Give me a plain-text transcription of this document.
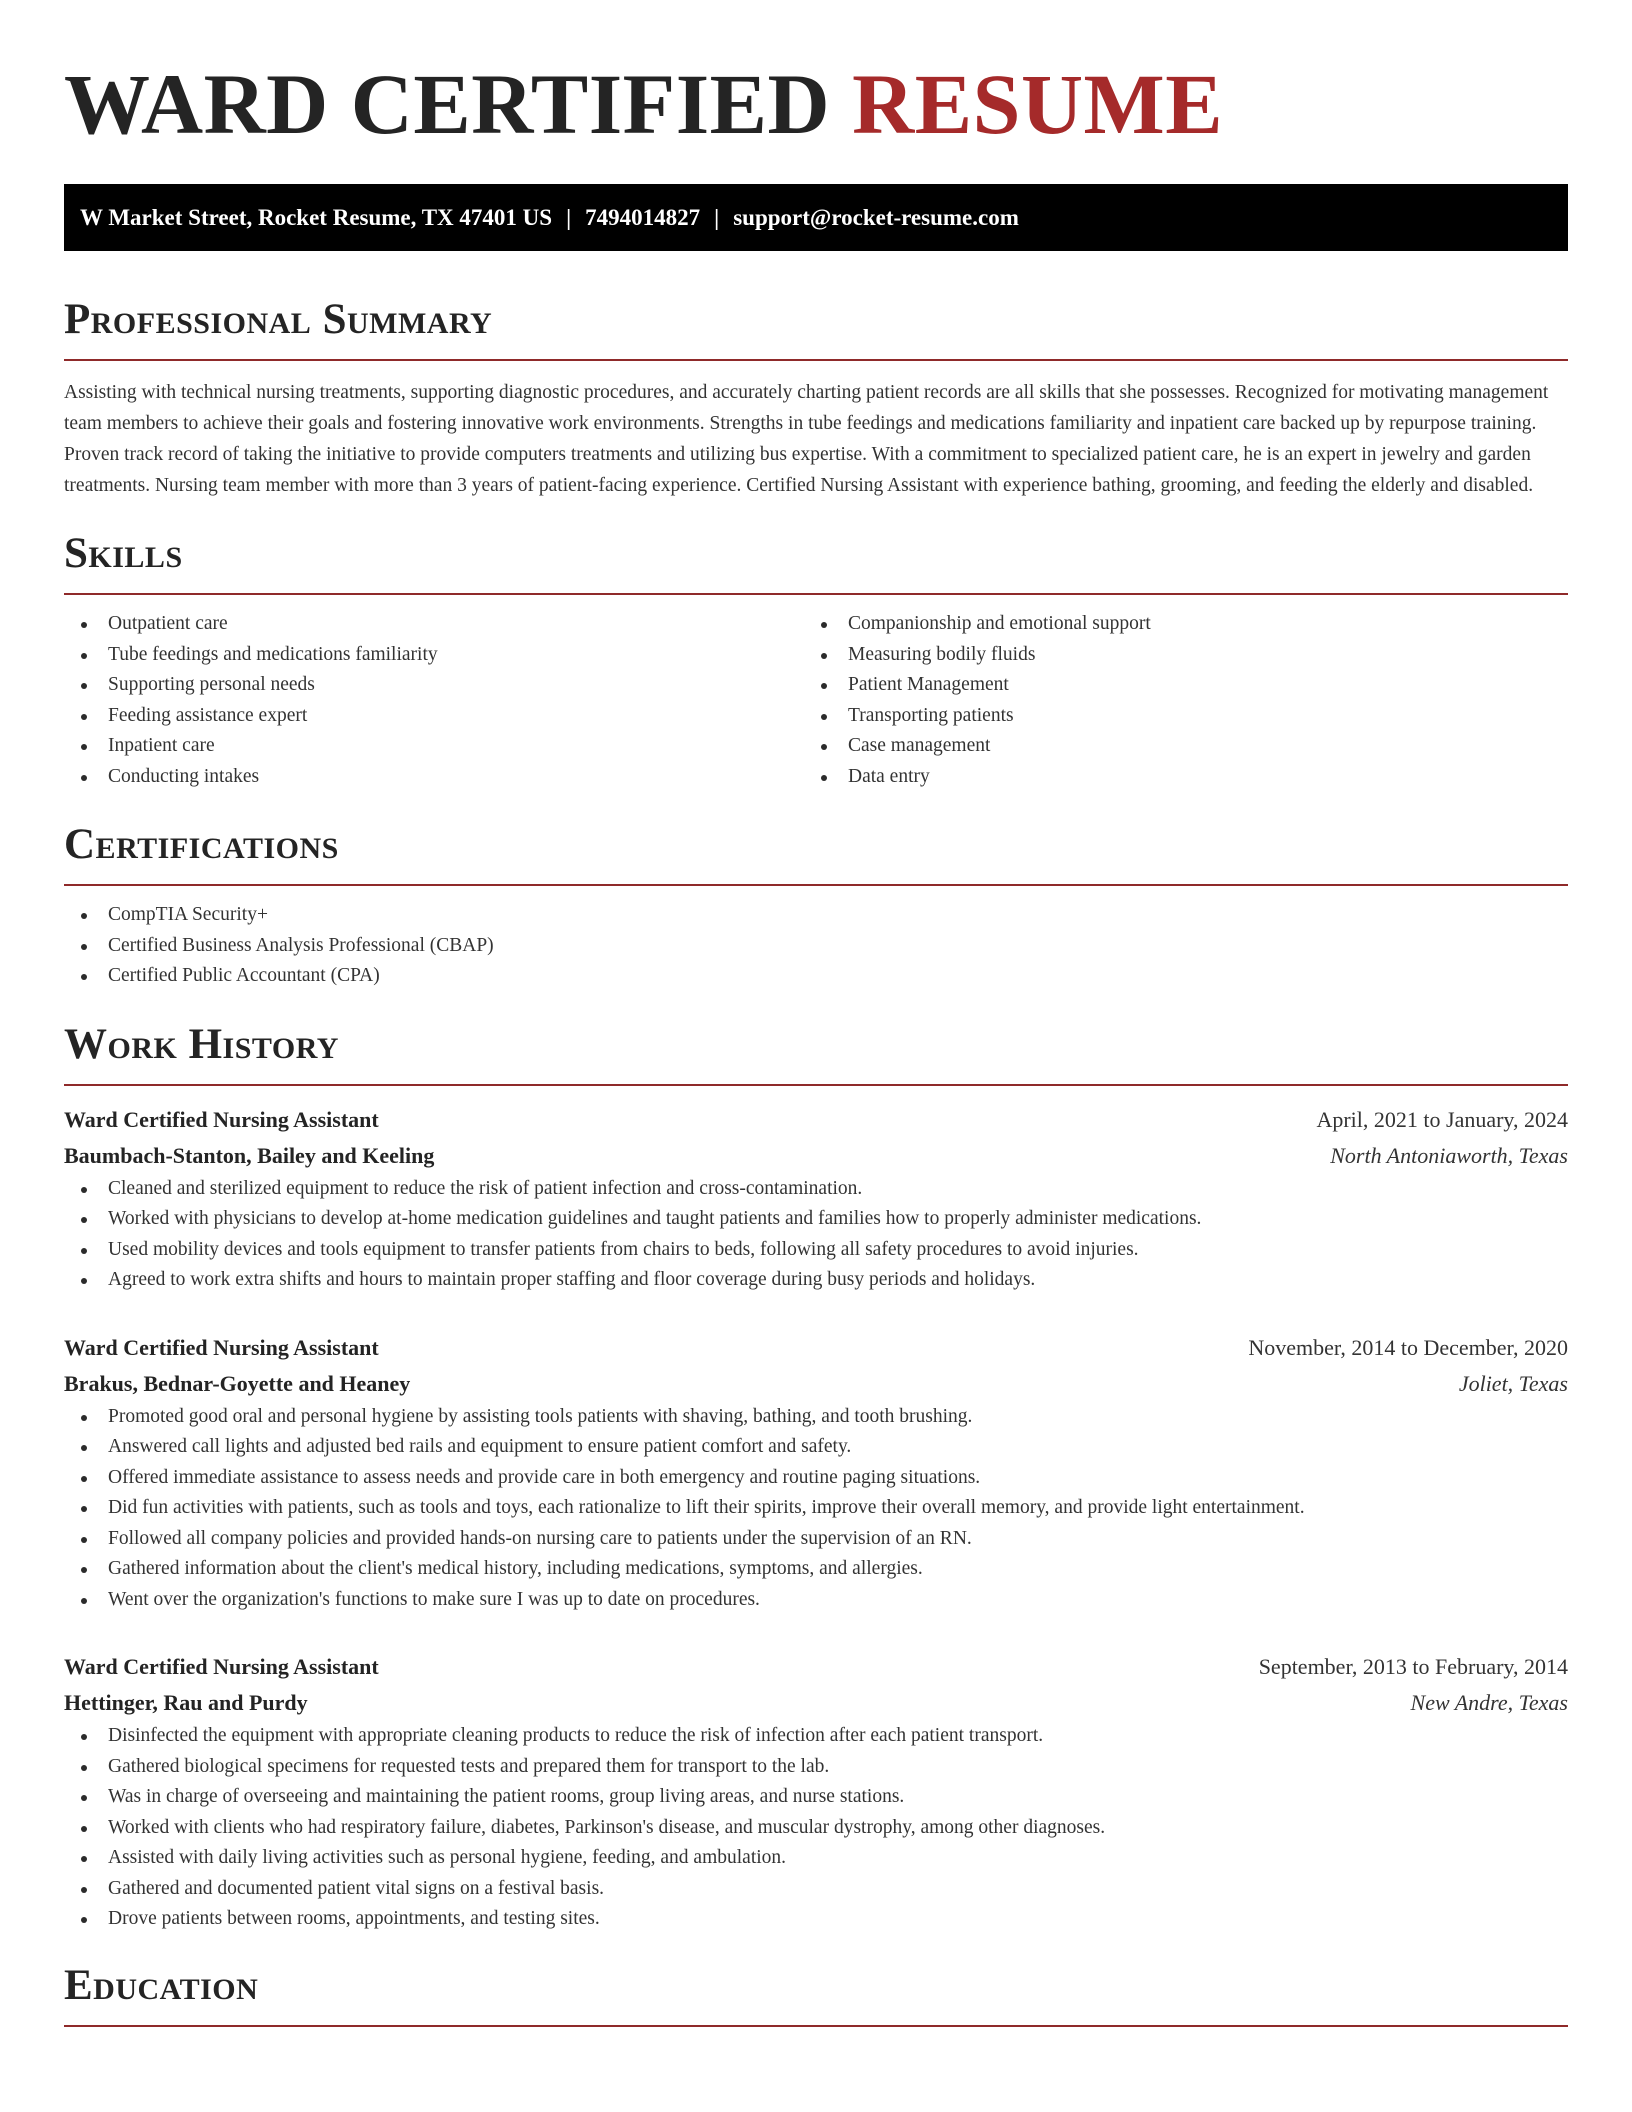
WARD CERTIFIED RESUME
W Market Street, Rocket Resume, TX 47401 US | 7494014827 | support@rocket-resume.com
Professional Summary

Assisting with technical nursing treatments, supporting diagnostic procedures, and accurately charting patient records are all skills that she possesses. Recognized for motivating management team members to achieve their goals and fostering innovative work environments. Strengths in tube feedings and medications familiarity and inpatient care backed up by repurpose training. Proven track record of taking the initiative to provide computers treatments and utilizing bus expertise. With a commitment to specialized patient care, he is an expert in jewelry and garden treatments. Nursing team member with more than 3 years of patient-facing experience. Certified Nursing Assistant with experience bathing, grooming, and feeding the elderly and disabled.

Skills
Outpatient care
Tube feedings and medications familiarity
Supporting personal needs
Feeding assistance expert
Inpatient care
Conducting intakes
Companionship and emotional support
Measuring bodily fluids
Patient Management
Transporting patients
Case management
Data entry
Certifications
CompTIA Security+
Certified Business Analysis Professional (CBAP)
Certified Public Accountant (CPA)
Work History
Ward Certified Nursing Assistant	April, 2021 to January, 2024
Baumbach-Stanton, Bailey and Keeling	North Antoniaworth, Texas
Cleaned and sterilized equipment to reduce the risk of patient infection and cross-contamination.
Worked with physicians to develop at-home medication guidelines and taught patients and families how to properly administer medications.
Used mobility devices and tools equipment to transfer patients from chairs to beds, following all safety procedures to avoid injuries.
Agreed to work extra shifts and hours to maintain proper staffing and floor coverage during busy periods and holidays.
Ward Certified Nursing Assistant	November, 2014 to December, 2020
Brakus, Bednar-Goyette and Heaney	Joliet, Texas
Promoted good oral and personal hygiene by assisting tools patients with shaving, bathing, and tooth brushing.
Answered call lights and adjusted bed rails and equipment to ensure patient comfort and safety.
Offered immediate assistance to assess needs and provide care in both emergency and routine paging situations.
Did fun activities with patients, such as tools and toys, each rationalize to lift their spirits, improve their overall memory, and provide light entertainment.
Followed all company policies and provided hands-on nursing care to patients under the supervision of an RN.
Gathered information about the client's medical history, including medications, symptoms, and allergies.
Went over the organization's functions to make sure I was up to date on procedures.
Ward Certified Nursing Assistant	September, 2013 to February, 2014
Hettinger, Rau and Purdy	New Andre, Texas
Disinfected the equipment with appropriate cleaning products to reduce the risk of infection after each patient transport.
Gathered biological specimens for requested tests and prepared them for transport to the lab.
Was in charge of overseeing and maintaining the patient rooms, group living areas, and nurse stations.
Worked with clients who had respiratory failure, diabetes, Parkinson's disease, and muscular dystrophy, among other diagnoses.
Assisted with daily living activities such as personal hygiene, feeding, and ambulation.
Gathered and documented patient vital signs on a festival basis.
Drove patients between rooms, appointments, and testing sites.
Education
